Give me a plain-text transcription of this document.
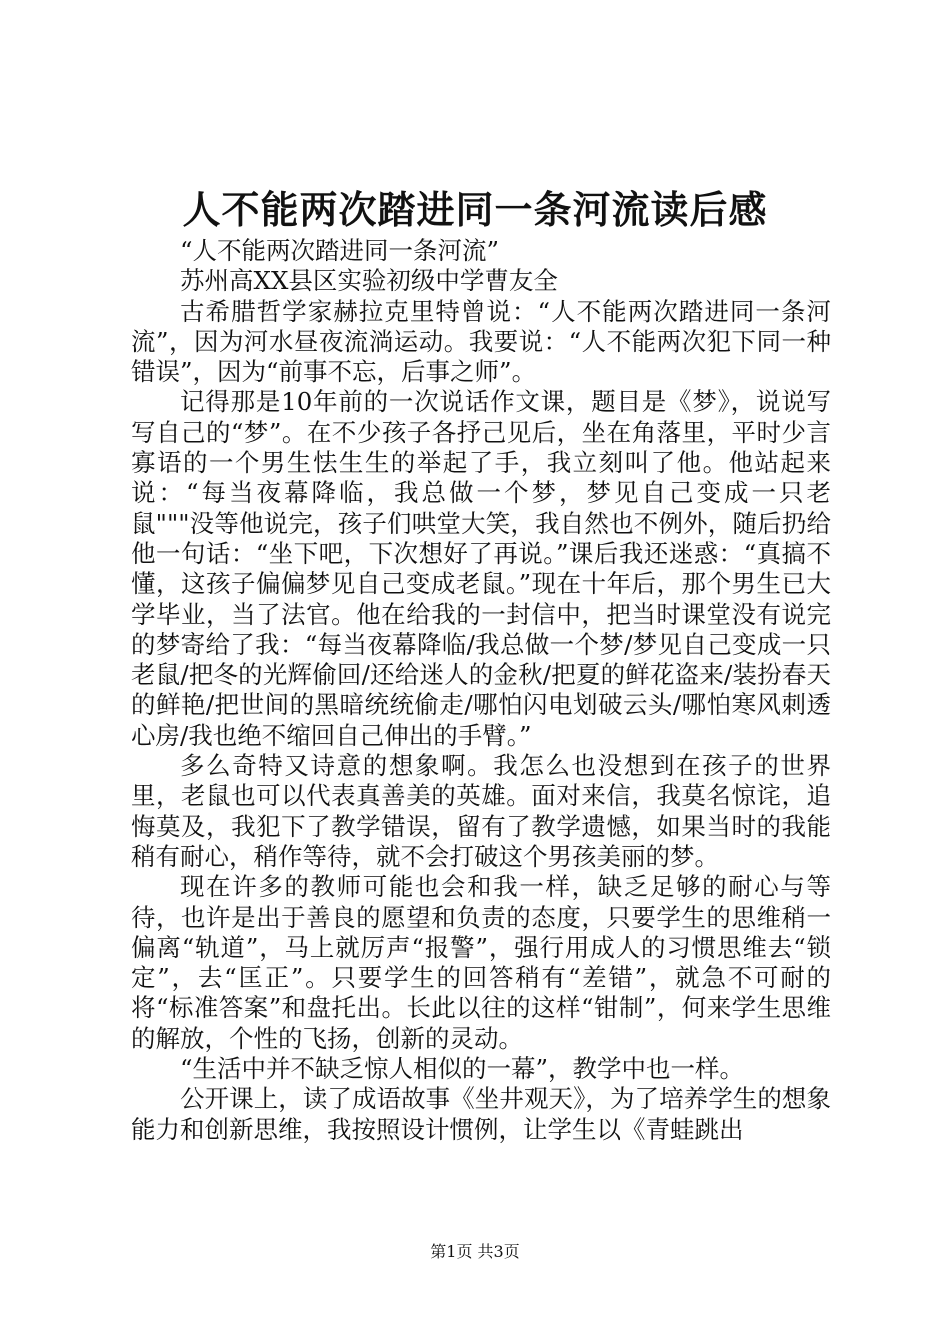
人不能两次踏进同一条河流读后感

“人不能两次踏进同一条河流”

苏州高XX县区实验初级中学曹友全

古希腊哲学家赫拉克里特曾说：“人不能两次踏进同一条河流”，因为河水昼夜流淌运动。我要说：“人不能两次犯下同一种错误”，因为“前事不忘，后事之师”。

记得那是10年前的一次说话作文课，题目是《梦》，说说写写自己的“梦”。在不少孩子各抒己见后，坐在角落里，平时少言寡语的一个男生怯生生的举起了手，我立刻叫了他。他站起来说：“每当夜幕降临，我总做一个梦，梦见自己变成一只老鼠"""没等他说完，孩子们哄堂大笑，我自然也不例外，随后扔给他一句话：“坐下吧，下次想好了再说。”课后我还迷惑：“真搞不懂，这孩子偏偏梦见自己变成老鼠。”现在十年后，那个男生已大学毕业，当了法官。他在给我的一封信中，把当时课堂没有说完的梦寄给了我：“每当夜幕降临/我总做一个梦/梦见自己变成一只老鼠/把冬的光辉偷回/还给迷人的金秋/把夏的鲜花盗来/装扮春天的鲜艳/把世间的黑暗统统偷走/哪怕闪电划破云头/哪怕寒风刺透心房/我也绝不缩回自己伸出的手臂。”

多么奇特又诗意的想象啊。我怎么也没想到在孩子的世界里，老鼠也可以代表真善美的英雄。面对来信，我莫名惊诧，追悔莫及，我犯下了教学错误，留有了教学遗憾，如果当时的我能稍有耐心，稍作等待，就不会打破这个男孩美丽的梦。

现在许多的教师可能也会和我一样，缺乏足够的耐心与等待，也许是出于善良的愿望和负责的态度，只要学生的思维稍一偏离“轨道”，马上就厉声“报警”，强行用成人的习惯思维去“锁定”，去“匡正”。只要学生的回答稍有“差错”，就急不可耐的将“标准答案”和盘托出。长此以往的这样“钳制”，何来学生思维的解放，个性的飞扬，创新的灵动。

“生活中并不缺乏惊人相似的一幕”，教学中也一样。

公开课上，读了成语故事《坐井观天》，为了培养学生的想象能力和创新思维，我按照设计惯例，让学生以《青蛙跳出

第1页 共3页
